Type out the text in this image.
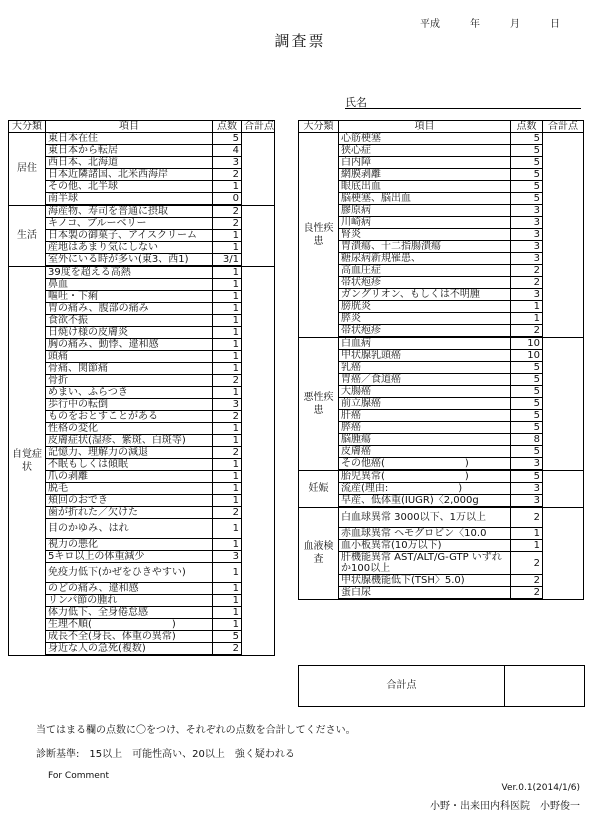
平成　　　年　　　月　　　日
調査票
氏名
大分類	項目	点数	合計点
居住	東日本在住	5	
	東日本から転居	4	
	西日本、北海道	3	
	日本近隣諸国、北米西海岸	2	
	その他、北半球	1	
	南半球	0	
生活	海産物、寿司を普通に摂取	2	
	キノコ、ブルーベリー	2	
	日本製の御菓子、アイスクリーム	1	
	産地はあまり気にしない	1	
	室外にいる時が多い(東3、西1)	3/1	
自覚症状	39度を超える高熱	1	
	鼻血	1	
	嘔吐・下痢	1	
	胃の痛み、腹部の痛み	1	
	食欲不振	1	
	日焼け様の皮膚炎	1	
	胸の痛み、動悸、違和感	1	
	頭痛	1	
	骨痛、関節痛	1	
	骨折	2	
	めまい、ふらつき	1	
	歩行中の転倒	3	
	ものをおとすことがある	2	
	性格の変化	1	
	皮膚症状(湿疹、紫斑、白斑等)	1	
	記憶力、理解力の減退	2	
	不眠もしくは傾眠	1	
	爪の剥離	1	
	脱毛	1	
	頬回のおでき	1	
	歯が折れた／欠けた	2	
	目のかゆみ、はれ	1	
	視力の悪化	1	
	5キロ以上の体重減少	3	
	免疫力低下(かぜをひきやすい)	1	
	のどの痛み、違和感	1	
	リンパ節の腫れ	1	
	体力低下、全身倦怠感	1	
	生理不順(　　　　　　　　)	1	
	成長不全(身長、体重の異常)	5	
	身近な人の急死(複数)	2	
大分類	項目	点数	合計点
良性疾患	心筋梗塞	5	
	狭心症	5	
	白内障	5	
	網膜剥離	5	
	眼底出血	5	
	脳梗塞、脳出血	5	
	膠原病	3	
	川崎病	3	
	腎炎	3	
	胃潰瘍、十二指腸潰瘍	3	
	糖尿病新規罹患、	3	
	高血圧症	2	
	帯状疱疹	2	
	ガングリオン、もしくは不明腫	3	
	膀胱炎	1	
	膵炎	1	
	帯状疱疹	2	
悪性疾患	白血病	10	
	甲状腺乳頭癌	10	
	乳癌	5	
	胃癌／食道癌	5	
	大腸癌	5	
	前立腺癌	5	
	肝癌	5	
	膵癌	5	
	脳腫瘍	8	
	皮膚癌	5	
	その他癌(　　　　　　　　)	3	
妊娠	胎児異常(　　　　　　　　)	5	
	流産(理由:　　　　　　　)	3	
	早産、低体重(IUGR)〈2,000g	3	
血液検査	白血球異常 3000以下、1万以上	2	
	赤血球異常 ヘモグロビン〈10.0	1	
	血小板異常(10万以下)	1	
	肝機能異常 AST/ALT/G-GTP いずれか100以上	2	
	甲状腺機能低下(TSH〉5.0)	2	
	蛋白尿	2	
合計点
当てはまる欄の点数に〇をつけ、それぞれの点数を合計してください。
診断基準:　15以上　可能性高い、20以上　強く疑われる
For Comment
Ver.0.1(2014/1/6)
小野・出来田内科医院　小野俊一
